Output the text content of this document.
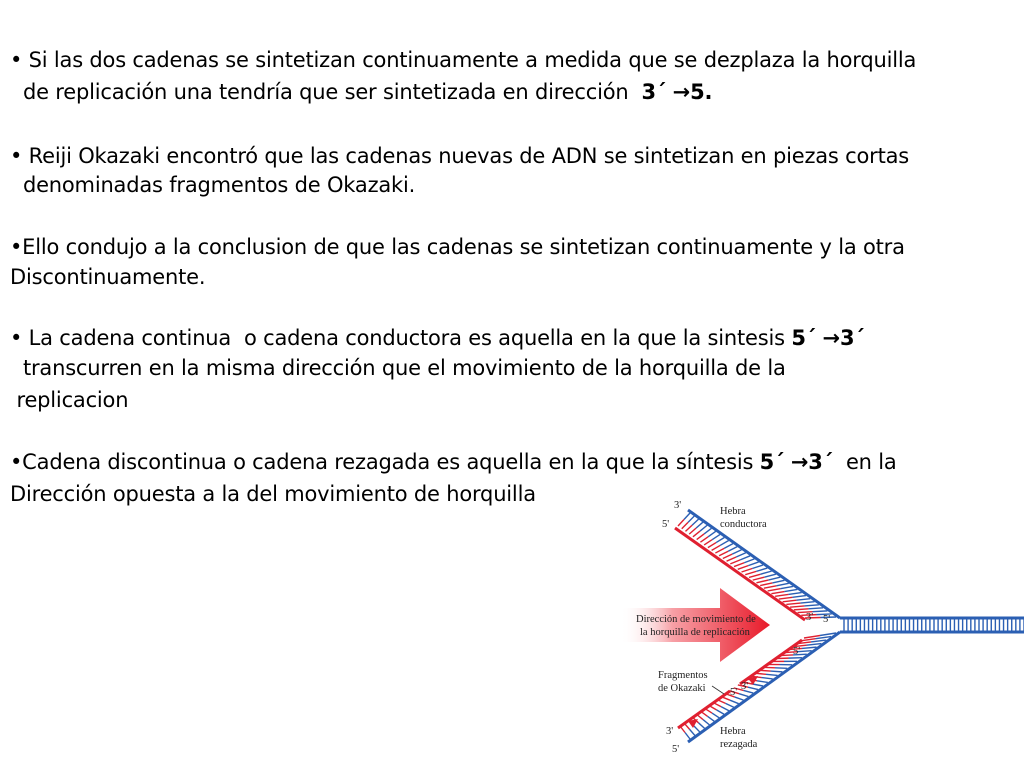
• Si las dos cadenas se sintetizan continuamente a medida que se dezplaza la horquilla
de replicación una tendría que ser sintetizada en dirección  3´ →5.
• Reiji Okazaki encontró que las cadenas nuevas de ADN se sintetizan en piezas cortas
denominadas fragmentos de Okazaki.
•Ello condujo a la conclusion de que las cadenas se sintetizan continuamente y la otra
Discontinuamente.
• La cadena continua  o cadena conductora es aquella en la que la sintesis 5´ →3´
transcurren en la misma dirección que el movimiento de la horquilla de la
replicacion
•Cadena discontinua o cadena rezagada es aquella en la que la síntesis 5´ →3´  en la
Dirección opuesta a la del movimiento de horquilla	3'
5'
Hebra
conductora
Dirección de movimiento de
la horquilla de replicación
3' 5'
5'
3'
Fragmentos
de Okazaki 5'
3'
5'
Hebra
rezagada
